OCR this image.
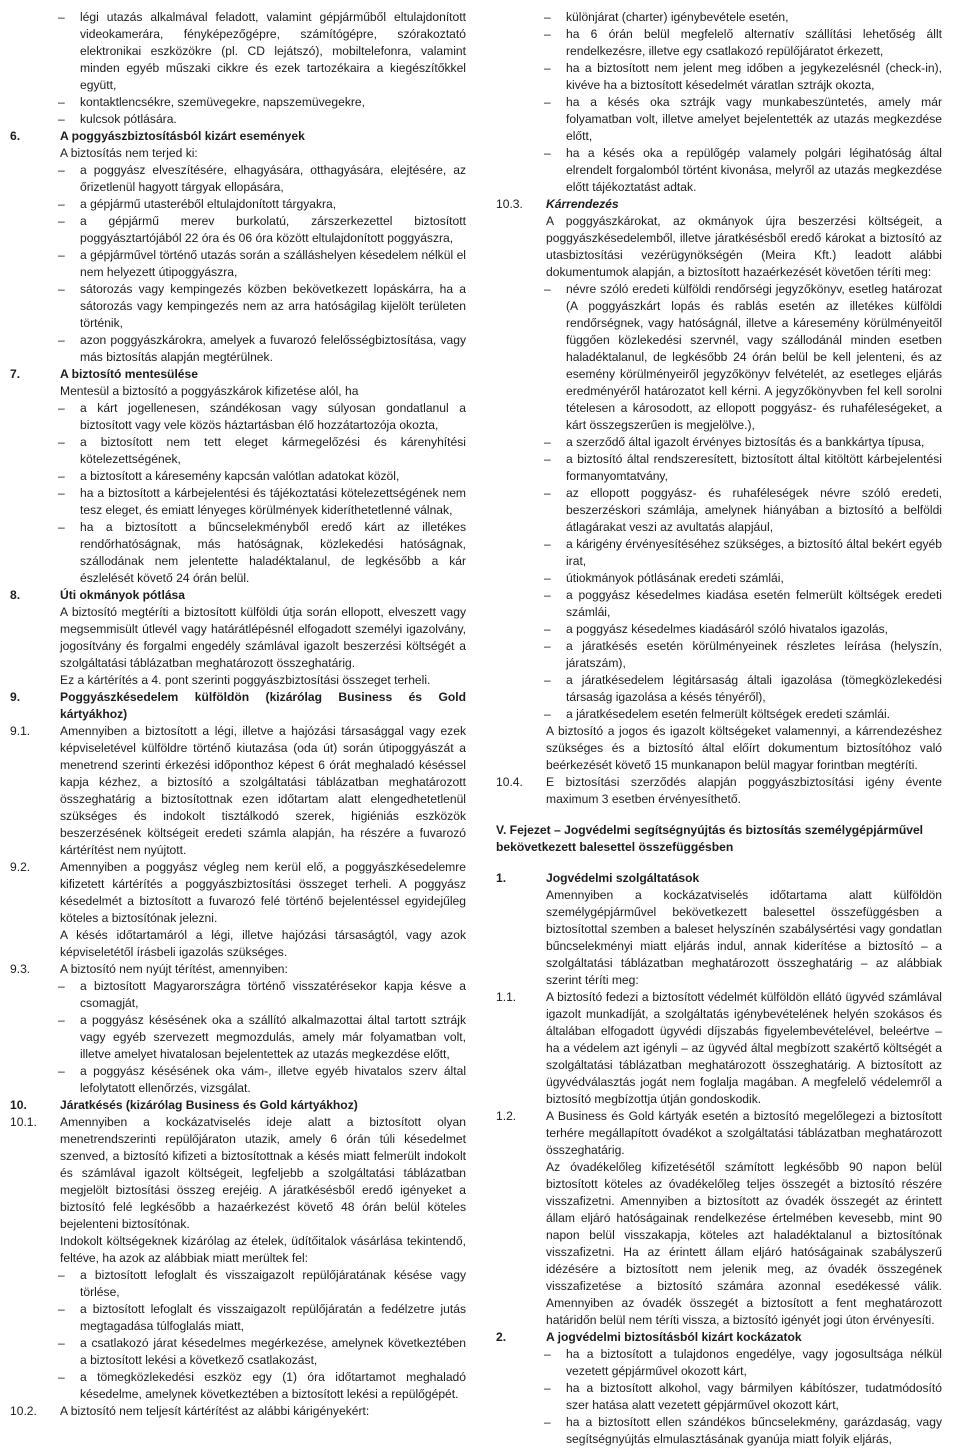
– légi utazás alkalmával feladott, valamint gépjárműből eltulajdonított videokamerára, fényképezőgépre, számítógépre, szórakoztató elektronikai eszközökre (pl. CD lejátszó), mobiltelefonra, valamint minden egyéb műszaki cikkre és ezek tartozékaira a kiegészítőkkel együtt,
– kontaktlencsékre, szemüvegekre, napszemüvegekre,
– kulcsok pótlására.
6.	A poggyászbiztosításból kizárt események
A biztosítás nem terjed ki:
– a poggyász elveszítésére, elhagyására, otthagyására, elejtésére, az őrizetlenül hagyott tárgyak ellopására,
– a gépjármű utasteréből eltulajdonított tárgyakra,
– a gépjármű merev burkolatú, zárszerkezettel biztosított poggyásztartójából 22 óra és 06 óra között eltulajdonított poggyászra,
– a gépjárművel történő utazás során a szálláshelyen késedelem nélkül el nem helyezett útipoggyászra,
– sátorozás vagy kempingezés közben bekövetkezett lopáskárra, ha a sátorozás vagy kempingezés nem az arra hatóságilag kijelölt területen történik,
– azon poggyászkárokra, amelyek a fuvarozó felelősségbiztosítása, vagy más biztosítás alapján megtérülnek.
7.	A biztosító mentesülése
Mentesül a biztosító a poggyászkárok kifizetése alól, ha
– a kárt jogellenesen, szándékosan vagy súlyosan gondatlanul a biztosított vagy vele közös háztartásban élő hozzátartozója okozta,
– a biztosított nem tett eleget kármegelőzési és kárenyhítési kötelezettségének,
– a biztosított a káresemény kapcsán valótlan adatokat közöl,
– ha a biztosított a kárbejelentési és tájékoztatási kötelezettségének nem tesz eleget, és emiatt lényeges körülmények kideríthetetlenné válnak,
– ha a biztosított a bűncselekményből eredő kárt az illetékes rendőrhatóságnak, más hatóságnak, közlekedési hatóságnak, szállodának nem jelentette haladéktalanul, de legkésőbb a kár észlelését követő 24 órán belül.
8.	Úti okmányok pótlása
A biztosító megtéríti a biztosított külföldi útja során ellopott, elveszett vagy megsemmisült útlevél vagy határátlépésnél elfogadott személyi igazolvány, jogosítvány és forgalmi engedély számlával igazolt beszerzési költségét a szolgáltatási táblázatban meghatározott összeghatárig.
Ez a kártérítés a 4. pont szerinti poggyászbiztosítási összeget terheli.
9.	Poggyászkésedelem külföldön (kizárólag Business és Gold kártyákhoz)
9.1. Amennyiben a biztosított a légi, illetve a hajózási társasággal vagy ezek képviseletével külföldre történő kiutazása (oda út) során útipoggyászát a menetrend szerinti érkezési időponthoz képest 6 órát meghaladó késéssel kapja kézhez, a biztosító a szolgáltatási táblázatban meghatározott összeghatárig a biztosítottnak ezen időtartam alatt elengedhetetlenül szükséges és indokolt tisztálkodó szerek, higiéniás eszközök beszerzésének költségeit eredeti számla alapján, ha részére a fuvarozó kártérítést nem nyújtott.
9.2. Amennyiben a poggyász végleg nem kerül elő, a poggyászkésedelemre kifizetett kártérítés a poggyászbiztosítási összeget terheli. A poggyász késedelmét a biztosított a fuvarozó felé történő bejelentéssel egyidejűleg köteles a biztosítónak jelezni.
A késés időtartamáról a légi, illetve hajózási társaságtól, vagy azok képviseletétől írásbeli igazolás szükséges.
9.3. A biztosító nem nyújt térítést, amennyiben:
– a biztosított Magyarországra történő visszatérésekor kapja késve a csomagját,
– a poggyász késésének oka a szállító alkalmazottai által tartott sztrájk vagy egyéb szervezett megmozdulás, amely már folyamatban volt, illetve amelyet hivatalosan bejelentettek az utazás megkezdése előtt,
– a poggyász késésének oka vám-, illetve egyéb hivatalos szerv által lefolytatott ellenőrzés, vizsgálat.
10.	Járatkésés (kizárólag Business és Gold kártyákhoz)
10.1. Amennyiben a kockázatviselés ideje alatt a biztosított olyan menetrendszerinti repülőjáraton utazik, amely 6 órán túli késedelmet szenved, a biztosító kifizeti a biztosítottnak a késés miatt felmerült indokolt és számlával igazolt költségeit, legfeljebb a szolgáltatási táblázatban megjelölt biztosítási összeg erejéig. A járatkésésből eredő igényeket a biztosító felé legkésőbb a hazaérkezést követő 48 órán belül köteles bejelenteni biztosítónak.
Indokolt költségeknek kizárólag az ételek, üdítőitalok vásárlása tekintendő, feltéve, ha azok az alábbiak miatt merültek fel:
– a biztosított lefoglalt és visszaigazolt repülőjáratának késése vagy törlése,
– a biztosított lefoglalt és visszaigazolt repülőjáratán a fedélzetre jutás megtagadása túlfoglalás miatt,
– a csatlakozó járat késedelmes megérkezése, amelynek következtében a biztosított lekési a következő csatlakozást,
– a tömegközlekedési eszköz egy (1) óra időtartamot meghaladó késedelme, amelynek következtében a biztosított lekési a repülőgépét.
10.2. A biztosító nem teljesít kártérítést az alábbi kárigényekért:
– különjárat (charter) igénybevétele esetén,
– ha 6 órán belül megfelelő alternatív szállítási lehetőség állt rendelkezésre, illetve egy csatlakozó repülőjáratot érkezett,
– ha a biztosított nem jelent meg időben a jegykezelésnél (check-in), kivéve ha a biztosított késedelmét váratlan sztrájk okozta,
– ha a késés oka sztrájk vagy munkabeszüntetés, amely már folyamatban volt, illetve amelyet bejelentették az utazás megkezdése előtt,
– ha a késés oka a repülőgép valamely polgári légihatóság által elrendelt forgalomból történt kivonása, melyről az utazás megkezdése előtt tájékoztatást adtak.
10.3. Kárrendezés
A poggyászkárokat, az okmányok újra beszerzési költségeit, a poggyászkésedelemből, illetve járatkésésből eredő károkat a biztosító az utasbiztosítási vezérügynökségén (Meira Kft.) leadott alábbi dokumentumok alapján, a biztosított hazaérkezését követően téríti meg:
– névre szóló eredeti külföldi rendőrségi jegyzőkönyv, esetleg határozat (A poggyászkárt lopás és rablás esetén az illetékes külföldi rendőrségnek, vagy hatóságnál, illetve a káresemény körülményeitől függően közlekedési szervnél, vagy szállodánál minden esetben haladéktalanul, de legkésőbb 24 órán belül be kell jelenteni, és az esemény körülményeiről jegyzőkönyv felvételét, az esetleges eljárás eredményéről határozatot kell kérni. A jegyzőkönyvben fel kell sorolni tételesen a károsodott, az ellopott poggyász- és ruhaféleségeket, a kárt összegszerűen is megjelölve.),
– a szerződő által igazolt érvényes biztosítás és a bankkártya típusa,
– a biztosító által rendszeresített, biztosított által kitöltött kárbejelentési formanyomtatvány,
– az ellopott poggyász- és ruhaféleségek névre szóló eredeti, beszerzéskori számlája, amelynek hiányában a biztosító a belföldi átlagárakat veszi az avultatás alapjául,
– a kárigény érvényesítéséhez szükséges, a biztosító által bekért egyéb irat,
– útiokmányok pótlásának eredeti számlái,
– a poggyász késedelmes kiadása esetén felmerült költségek eredeti számlái,
– a poggyász késedelmes kiadásáról szóló hivatalos igazolás,
– a járatkésés esetén körülményeinek részletes leírása (helyszín, járatszám),
– a járatkésedelem légitársaság általi igazolása (tömegközlekedési társaság igazolása a késés tényéről),
– a járatkésedelem esetén felmerült költségek eredeti számlái.
A biztosító a jogos és igazolt költségeket valamennyi, a kárrendezéshez szükséges és a biztosító által előírt dokumentum biztosítóhoz való beérkezését követő 15 munkanapon belül magyar forintban megtéríti.
10.4. E biztosítási szerződés alapján poggyászbiztosítási igény évente maximum 3 esetben érvényesíthető.
V. Fejezet – Jogvédelmi segítségnyújtás és biztosítás személygépjárművel bekövetkezett balesettel összefüggésben
1.	Jogvédelmi szolgáltatások
Amennyiben a kockázatviselés időtartama alatt külföldön személygépjárművel bekövetkezett balesettel összefüggésben a biztosítottal szemben a baleset helyszínén szabálysértési vagy gondatlan bűncselekményi miatt eljárás indul, annak kiderítése a biztosító – a szolgáltatási táblázatban meghatározott összeghatárig – az alábbiak szerint téríti meg:
1.1. A biztosító fedezi a biztosított védelmét külföldön ellátó ügyvéd számlával igazolt munkadíját, a szolgáltatás igénybevételének helyén szokásos és általában elfogadott ügyvédi díjszabás figyelembevételével, beleértve – ha a védelem azt igényli – az ügyvéd által megbízott szakértő költségét a szolgáltatási táblázatban meghatározott összeghatárig. A biztosított az ügyvédválasztás jogát nem foglalja magában. A megfelelő védelemről a biztosító megbízottja útján gondoskodik.
1.2. A Business és Gold kártyák esetén a biztosító megelőlegezi a biztosított terhére megállapított óvadékot a szolgáltatási táblázatban meghatározott összeghatárig.
Az óvadékelőleg kifizetésétől számított legkésőbb 90 napon belül biztosított köteles az óvadékelőleg teljes összegét a biztosító részére visszafizetni. Amennyiben a biztosított az óvadék összegét az érintett állam eljáró hatóságainak rendelkezése értelmében kevesebb, mint 90 napon belül visszakapja, köteles azt haladéktalanul a biztosítónak visszafizetni. Ha az érintett állam eljáró hatóságainak szabályszerű idézésére a biztosított nem jelenik meg, az óvadék összegének visszafizetése a biztosító számára azonnal esedékessé válik. Amennyiben az óvadék összegét a biztosított a fent meghatározott határidőn belül nem téríti vissza, a biztosító igényét jogi úton érvényesíti.
2.	A jogvédelmi biztosításból kizárt kockázatok
– ha a biztosított a tulajdonos engedélye, vagy jogosultsága nélkül vezetett gépjárművel okozott kárt,
– ha a biztosított alkohol, vagy bármilyen kábítószer, tudatmódosító szer hatása alatt vezetett gépjárművel okozott kárt,
– ha a biztosított ellen szándékos bűncselekmény, garázdaság, vagy segítségnyújtás elmulasztásának gyanúja miatt folyik eljárás,
